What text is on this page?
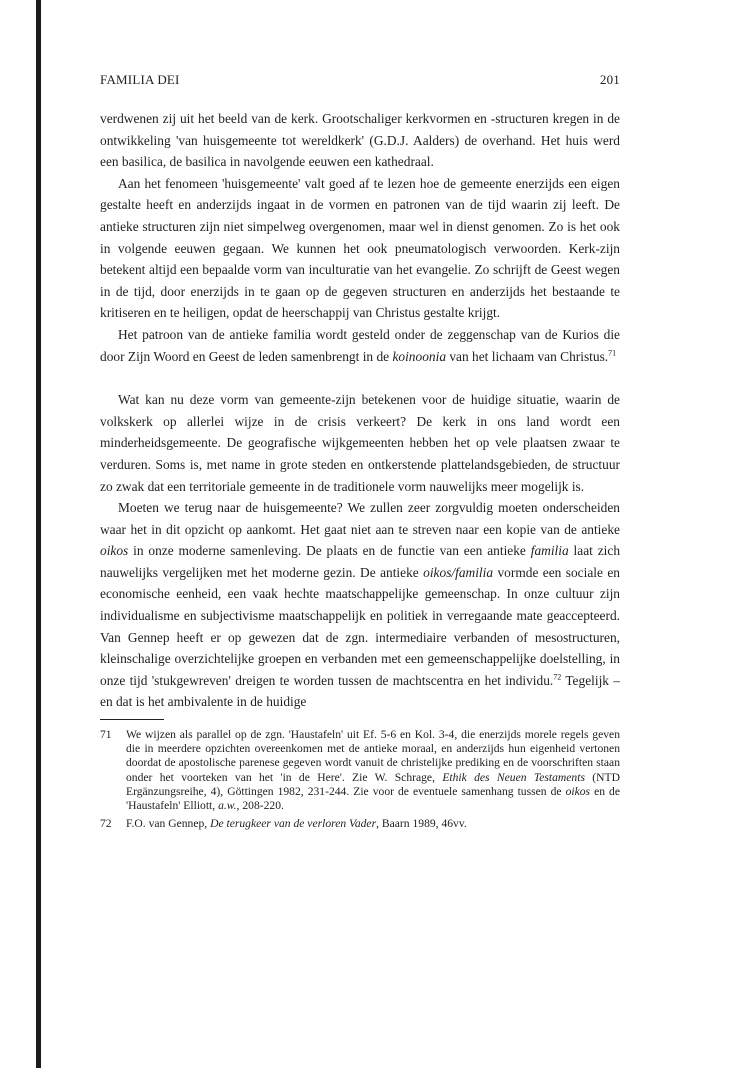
FAMILIA DEI	201

verdwenen zij uit het beeld van de kerk. Grootschaliger kerkvormen en -structuren kregen in de ontwikkeling 'van huisgemeente tot wereldkerk' (G.D.J. Aalders) de overhand. Het huis werd een basilica, de basilica in navolgende eeuwen een kathedraal.

Aan het fenomeen 'huisgemeente' valt goed af te lezen hoe de gemeente enerzijds een eigen gestalte heeft en anderzijds ingaat in de vormen en patronen van de tijd waarin zij leeft. De antieke structuren zijn niet simpelweg overgenomen, maar wel in dienst genomen. Zo is het ook in volgende eeuwen gegaan. We kunnen het ook pneumatologisch verwoorden. Kerk-zijn betekent altijd een bepaalde vorm van inculturatie van het evangelie. Zo schrijft de Geest wegen in de tijd, door enerzijds in te gaan op de gegeven structuren en anderzijds het bestaande te kritiseren en te heiligen, opdat de heerschappij van Christus gestalte krijgt.

Het patroon van de antieke familia wordt gesteld onder de zeggenschap van de Kurios die door Zijn Woord en Geest de leden samenbrengt in de koinoonia van het lichaam van Christus.$^{71}$

Wat kan nu deze vorm van gemeente-zijn betekenen voor de huidige situatie, waarin de volkskerk op allerlei wijze in de crisis verkeert? De kerk in ons land wordt een minderheidsgemeente. De geografische wijkgemeenten hebben het op vele plaatsen zwaar te verduren. Soms is, met name in grote steden en ontkerstende plattelandsgebieden, de structuur zo zwak dat een territoriale gemeente in de traditionele vorm nauwelijks meer mogelijk is.

Moeten we terug naar de huisgemeente? We zullen zeer zorgvuldig moeten onderscheiden waar het in dit opzicht op aankomt. Het gaat niet aan te streven naar een kopie van de antieke oikos in onze moderne samenleving. De plaats en de functie van een antieke familia laat zich nauwelijks vergelijken met het moderne gezin. De antieke oikos/familia vormde een sociale en economische eenheid, een vaak hechte maatschappelijke gemeenschap. In onze cultuur zijn individualisme en subjectivisme maatschappelijk en politiek in verregaande mate geaccepteerd. Van Gennep heeft er op gewezen dat de zgn. intermediaire verbanden of mesostructuren, kleinschalige overzichtelijke groepen en verbanden met een gemeenschappelijke doelstelling, in onze tijd 'stukgewreven' dreigen te worden tussen de machtscentra en het individu.$^{72}$ Tegelijk – en dat is het ambivalente in de huidige

71	We wijzen als parallel op de zgn. 'Haustafeln' uit Ef. 5-6 en Kol. 3-4, die enerzijds morele regels geven die in meerdere opzichten overeenkomen met de antieke moraal, en anderzijds hun eigenheid vertonen doordat de apostolische parenese gegeven wordt vanuit de christelijke prediking en de voorschriften staan onder het voorteken van het 'in de Here'. Zie W. Schrage, Ethik des Neuen Testaments (NTD Ergänzungsreihe, 4), Göttingen 1982, 231-244. Zie voor de eventuele samenhang tussen de oikos en de 'Haustafeln' Elliott, a.w., 208-220.
72	F.O. van Gennep, De terugkeer van de verloren Vader, Baarn 1989, 46vv.
